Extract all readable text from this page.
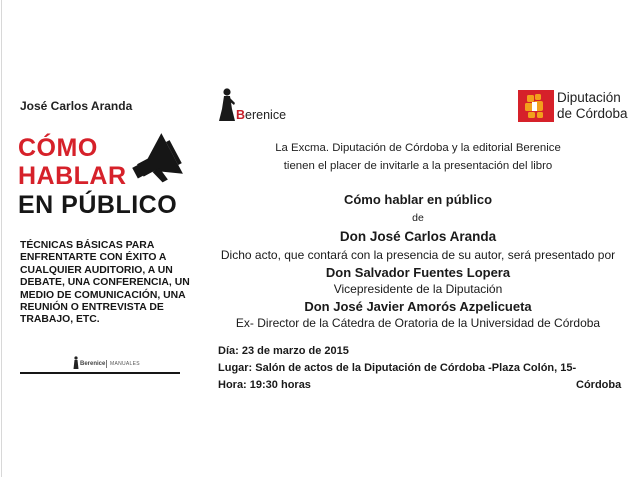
José Carlos Aranda
CÓMO
HABLAR
EN PÚBLICO
TÉCNICAS BÁSICAS PARA ENFRENTARTE CON ÉXITO A CUALQUIER AUDITORIO, A UN DEBATE, UNA CONFERENCIA, UN MEDIO DE COMUNICACIÓN, UNA REUNIÓN O ENTREVISTA DE TRABAJO, ETC.
Berenice MANUALES
Berenice
Diputación
de Córdoba
La Excma. Diputación de Córdoba y la editorial Berenice
tienen el placer de invitarle a la presentación del libro
Cómo hablar en público
de
Don José Carlos Aranda
Dicho acto, que contará con la presencia de su autor, será presentado por
Don Salvador Fuentes Lopera
Vicepresidente de la Diputación
Don José Javier Amorós Azpelicueta
Ex- Director de la Cátedra de Oratoria de la Universidad de Córdoba
Día: 23 de marzo de 2015
Lugar: Salón de actos de la Diputación de Córdoba -Plaza Colón, 15-
Hora: 19:30 horas	Córdoba
